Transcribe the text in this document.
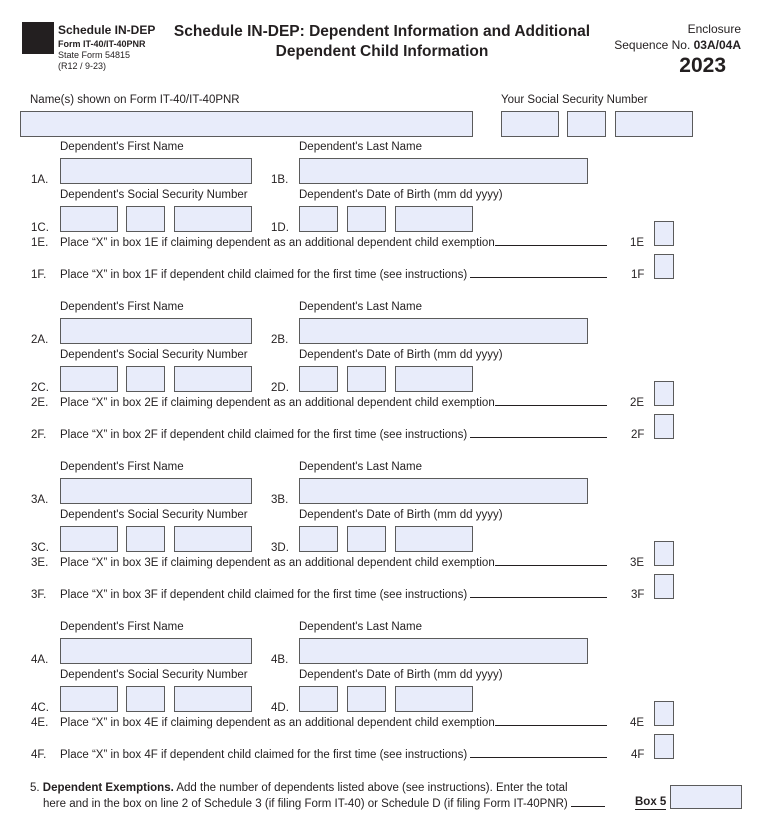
Schedule IN-DEP
Form IT-40/IT-40PNR
State Form 54815
(R12 / 9-23)
Schedule IN-DEP: Dependent Information and Additional
Dependent Child Information
Enclosure
Sequence No. 03A/04A
2023
Name(s) shown on Form IT-40/IT-40PNR	Your Social Security Number
Dependent's First Name	Dependent's Last Name
1A.	1B.
Dependent's Social Security Number	Dependent's Date of Birth (mm dd yyyy)
1C.	1D.
1E. Place “X” in box 1E if claiming dependent as an additional dependent child exemption	1E
1F. Place “X” in box 1F if dependent child claimed for the first time (see instructions)	1F
Dependent's First Name	Dependent's Last Name
2A.	2B.
Dependent's Social Security Number	Dependent's Date of Birth (mm dd yyyy)
2C.	2D.
2E. Place “X” in box 2E if claiming dependent as an additional dependent child exemption	2E
2F. Place “X” in box 2F if dependent child claimed for the first time (see instructions)	2F
Dependent's First Name	Dependent's Last Name
3A.	3B.
Dependent's Social Security Number	Dependent's Date of Birth (mm dd yyyy)
3C.	3D.
3E. Place “X” in box 3E if claiming dependent as an additional dependent child exemption	3E
3F. Place “X” in box 3F if dependent child claimed for the first time (see instructions)	3F
Dependent's First Name	Dependent's Last Name
4A.	4B.
Dependent's Social Security Number	Dependent's Date of Birth (mm dd yyyy)
4C.	4D.
4E. Place “X” in box 4E if claiming dependent as an additional dependent child exemption	4E
4F. Place “X” in box 4F if dependent child claimed for the first time (see instructions)	4F
5. Dependent Exemptions. Add the number of dependents listed above (see instructions). Enter the total
here and in the box on line 2 of Schedule 3 (if filing Form IT-40) or Schedule D (if filing Form IT-40PNR)	Box 5
